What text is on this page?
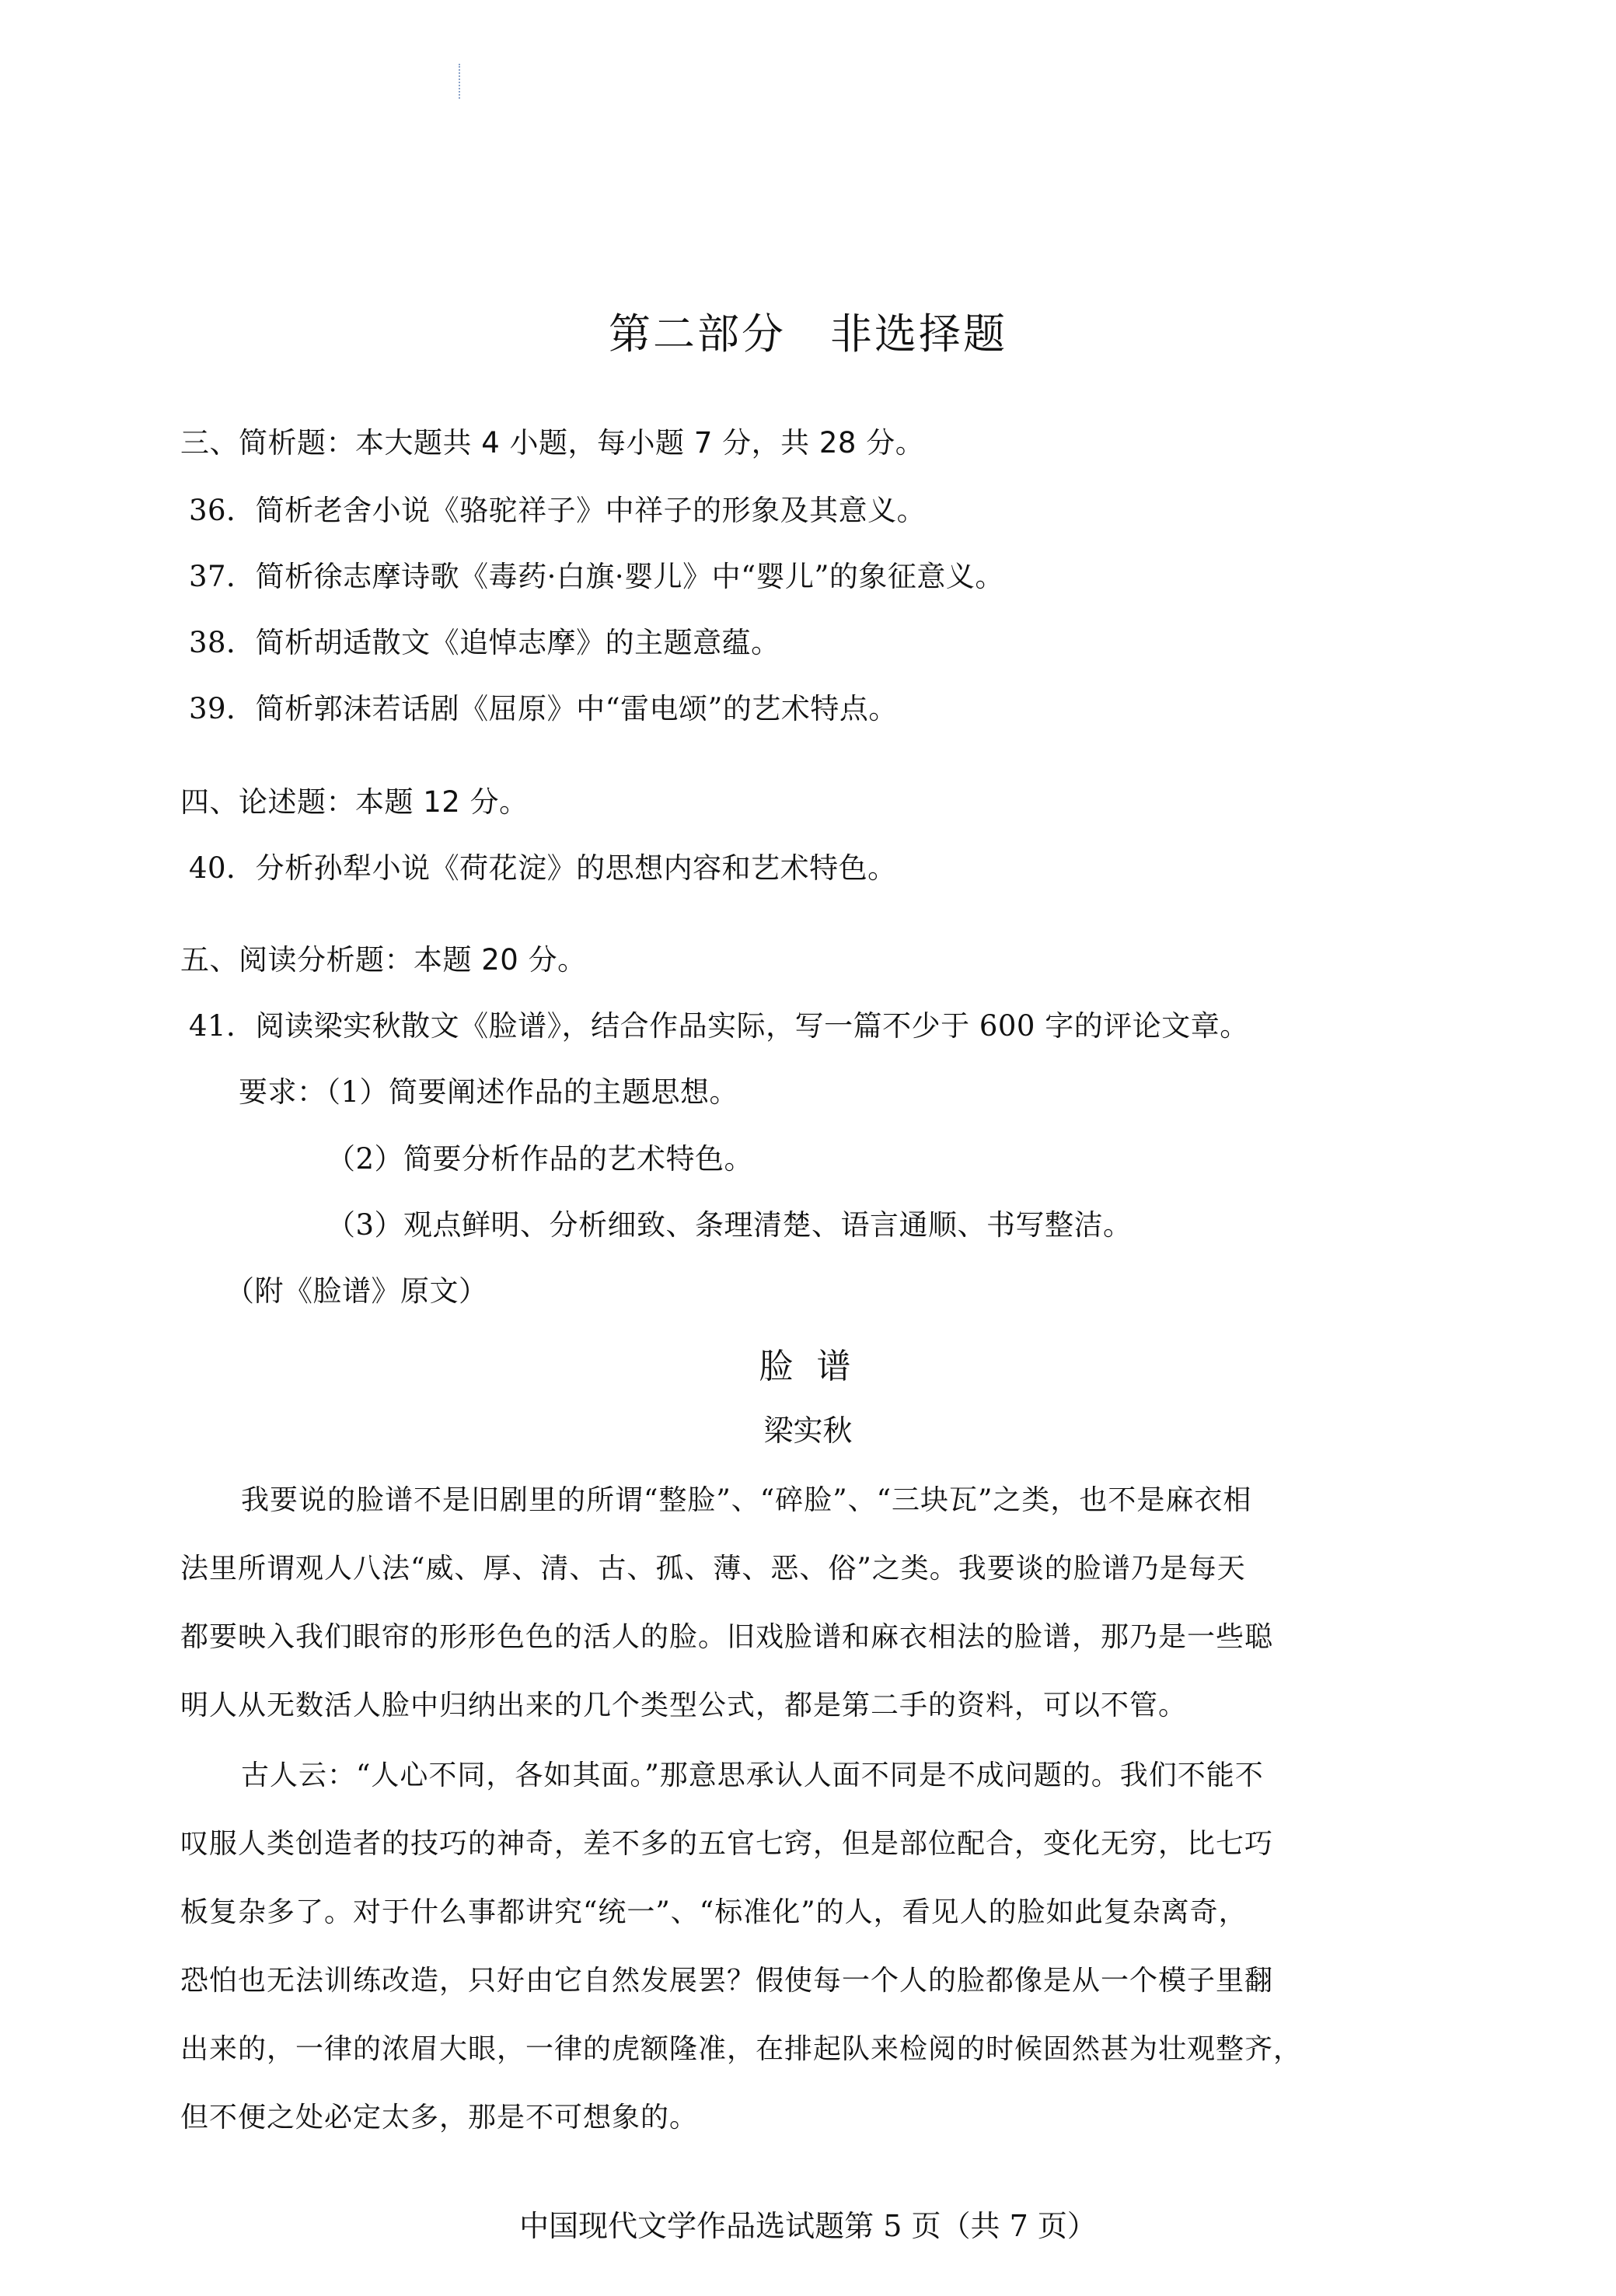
第二部分　非选择题
三、简析题：本大题共 4 小题，每小题 7 分，共 28 分。
36．简析老舍小说《骆驼祥子》中祥子的形象及其意义。
37．简析徐志摩诗歌《毒药·白旗·婴儿》中“婴儿”的象征意义。
38．简析胡适散文《追悼志摩》的主题意蕴。
39．简析郭沫若话剧《屈原》中“雷电颂”的艺术特点。
四、论述题：本题 12 分。
40．分析孙犁小说《荷花淀》的思想内容和艺术特色。
五、阅读分析题：本题 20 分。
41．阅读梁实秋散文《脸谱》，结合作品实际，写一篇不少于 600 字的评论文章。
要求：（1）简要阐述作品的主题思想。
（2）简要分析作品的艺术特色。
（3）观点鲜明、分析细致、条理清楚、语言通顺、书写整洁。
（附《脸谱》原文）
脸 谱
梁实秋
我要说的脸谱不是旧剧里的所谓“整脸”、“碎脸”、“三块瓦”之类，也不是麻衣相
法里所谓观人八法“威、厚、清、古、孤、薄、恶、俗”之类。我要谈的脸谱乃是每天
都要映入我们眼帘的形形色色的活人的脸。旧戏脸谱和麻衣相法的脸谱，那乃是一些聪
明人从无数活人脸中归纳出来的几个类型公式，都是第二手的资料，可以不管。
古人云：“人心不同，各如其面。”那意思承认人面不同是不成问题的。我们不能不
叹服人类创造者的技巧的神奇，差不多的五官七窍，但是部位配合，变化无穷，比七巧
板复杂多了。对于什么事都讲究“统一”、“标准化”的人，看见人的脸如此复杂离奇，
恐怕也无法训练改造，只好由它自然发展罢？假使每一个人的脸都像是从一个模子里翻
出来的，一律的浓眉大眼，一律的虎额隆准，在排起队来检阅的时候固然甚为壮观整齐，
但不便之处必定太多，那是不可想象的。
中国现代文学作品选试题第 5 页（共 7 页）
